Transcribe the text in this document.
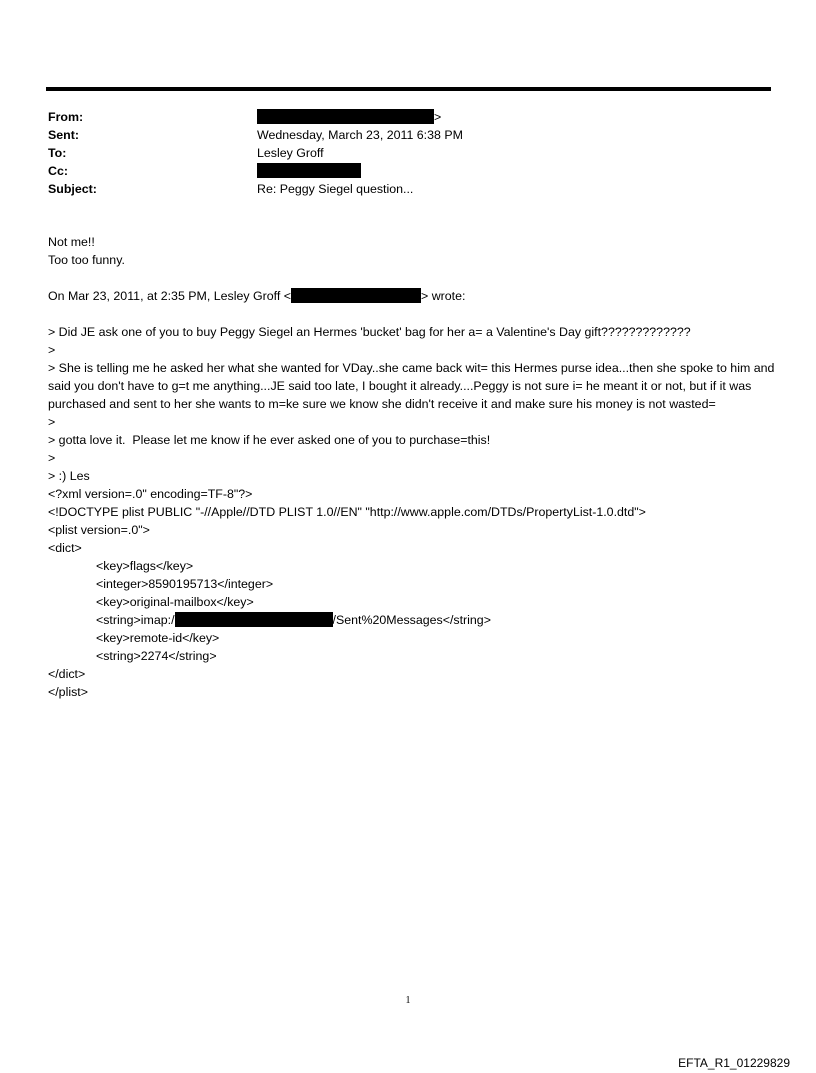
From:	>
Sent:	Wednesday, March 23, 2011 6:38 PM
To:	Lesley Groff
Cc:
Subject:	Re: Peggy Siegel question...
Not me!!
Too too funny.
On Mar 23, 2011, at 2:35 PM, Lesley Groff <	> wrote:
> Did JE ask one of you to buy Peggy Siegel an Hermes 'bucket' bag for her a= a Valentine's Day gift?????????????
>
> She is telling me he asked her what she wanted for VDay..she came back wit= this Hermes purse idea...then she spoke to him and said you don't have to g=t me anything...JE said too late, I bought it already....Peggy is not sure i= he meant it or not, but if it was purchased and sent to her she wants to m=ke sure we know she didn't receive it and make sure his money is not wasted=
>
> gotta love it.  Please let me know if he ever asked one of you to purchase=this!
>
> :) Les
<?xml version=.0" encoding=TF-8"?>
<!DOCTYPE plist PUBLIC "-//Apple//DTD PLIST 1.0//EN" "http://www.apple.com/DTDs/PropertyList-1.0.dtd">
<plist version=.0">
<dict>
<key>flags</key>
<integer>8590195713</integer>
<key>original-mailbox</key>
<string>imap:/	/Sent%20Messages</string>
<key>remote-id</key>
<string>2274</string>
</dict>
</plist>
1
EFTA_R1_01229829
